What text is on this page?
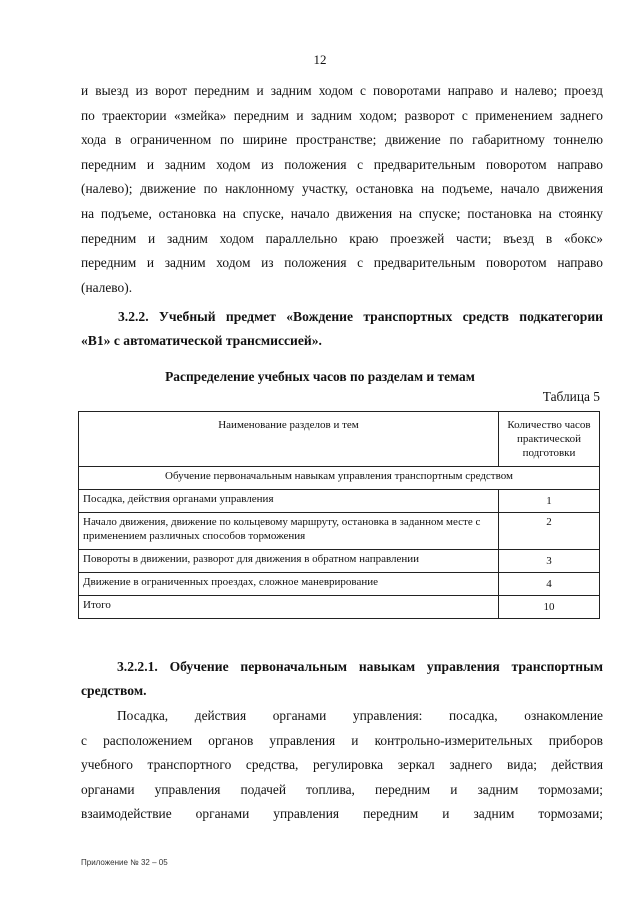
12
и выезд из ворот передним и задним ходом с поворотами направо и налево; проезд
по траектории «змейка» передним и задним ходом; разворот с применением заднего
хода в ограниченном по ширине пространстве; движение по габаритному тоннелю
передним и задним ходом из положения с предварительным поворотом направо
(налево); движение по наклонному участку, остановка на подъеме, начало движения
на подъеме, остановка на спуске, начало движения на спуске; постановка на стоянку
передним и задним ходом параллельно краю проезжей части; въезд в «бокс»
передним и задним ходом из положения с предварительным поворотом направо
(налево).
3.2.2. Учебный предмет «Вождение транспортных средств подкатегории
«В1» с автоматической трансмиссией».
Распределение учебных часов по разделам и темам
Таблица 5
Наименование разделов и тем	Количество часов практической подготовки
Обучение первоначальным навыкам управления транспортным средством	
Посадка, действия органами управления	1
Начало движения, движение по кольцевому маршруту, остановка в заданном месте с применением различных способов торможения	2
Повороты в движении, разворот для движения в обратном направлении	3
Движение в ограниченных проездах, сложное маневрирование	4
Итого	10
3.2.2.1. Обучение первоначальным навыкам управления транспортным
средством.
Посадка, действия органами управления: посадка, ознакомление
с расположением органов управления и контрольно-измерительных приборов
учебного транспортного средства, регулировка зеркал заднего вида; действия
органами управления подачей топлива, передним и задним тормозами;
взаимодействие органами управления передним и задним тормозами;
Приложение № 32 – 05
